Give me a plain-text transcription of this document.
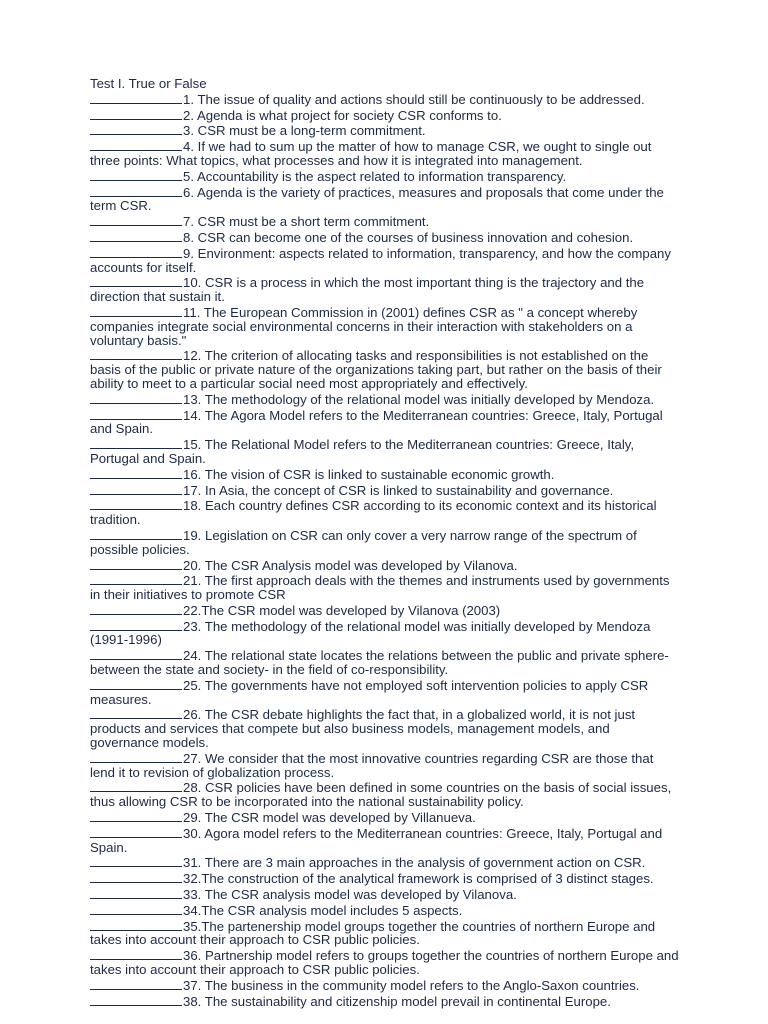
Test I. True or False
1. The issue of quality and actions should still be continuously to be addressed.
2. Agenda is what project for society CSR conforms to.
3. CSR must be a long-term commitment.
4. If we had to sum up the matter of how to manage CSR, we ought to single out three points: What topics, what processes and how it is integrated into management.
5. Accountability is the aspect related to information transparency.
6. Agenda is the variety of practices, measures and proposals that come under the term CSR.
7. CSR must be a short term commitment.
8. CSR can become one of the courses of business innovation and cohesion.
9. Environment: aspects related to information, transparency, and how the company accounts for itself.
10. CSR is a process in which the most important thing is the trajectory and the direction that sustain it.
11. The European Commission in (2001) defines CSR as " a concept whereby companies integrate social environmental concerns in their interaction with stakeholders on a voluntary basis."
12. The criterion of allocating tasks and responsibilities is not established on the basis of the public or private nature of the organizations taking part, but rather on the basis of their ability to meet to a particular social need most appropriately and effectively.
13. The methodology of the relational model was initially developed by Mendoza.
14. The Agora Model refers to the Mediterranean countries: Greece, Italy, Portugal and Spain.
15. The Relational Model refers to the Mediterranean countries: Greece, Italy, Portugal and Spain.
16. The vision of CSR is linked to sustainable economic growth.
17. In Asia, the concept of CSR is linked to sustainability and governance.
18. Each country defines CSR according to its economic context and its historical tradition.
19. Legislation on CSR can only cover a very narrow range of the spectrum of possible policies.
20. The CSR Analysis model was developed by Vilanova.
21. The first approach deals with the themes and instruments used by governments in their initiatives to promote CSR
22.The CSR model was developed by Vilanova (2003)
23. The methodology of the relational model was initially developed by Mendoza (1991-1996)
24. The relational state locates the relations between the public and private sphere- between the state and society- in the field of co-responsibility.
25. The governments have not employed soft intervention policies to apply CSR measures.
26. The CSR debate highlights the fact that, in a globalized world, it is not just products and services that compete but also business models, management models, and governance models.
27. We consider that the most innovative countries regarding CSR are those that lend it to revision of globalization process.
28. CSR policies have been defined in some countries on the basis of social issues, thus allowing CSR to be incorporated into the national sustainability policy.
29. The CSR model was developed by Villanueva.
30. Agora model refers to the Mediterranean countries: Greece, Italy, Portugal and Spain.
31. There are 3 main approaches in the analysis of government action on CSR.
32.The construction of the analytical framework is comprised of 3 distinct stages.
33. The CSR analysis model was developed by Vilanova.
34.The CSR analysis model includes 5 aspects.
35.The partenership model groups together the countries of northern Europe and takes into account their approach to CSR public policies.
36. Partnership model refers to groups together the countries of northern Europe and takes into account their approach to CSR public policies.
37. The business in the community model refers to the Anglo-Saxon countries.
38. The sustainability and citizenship model prevail in continental Europe.
